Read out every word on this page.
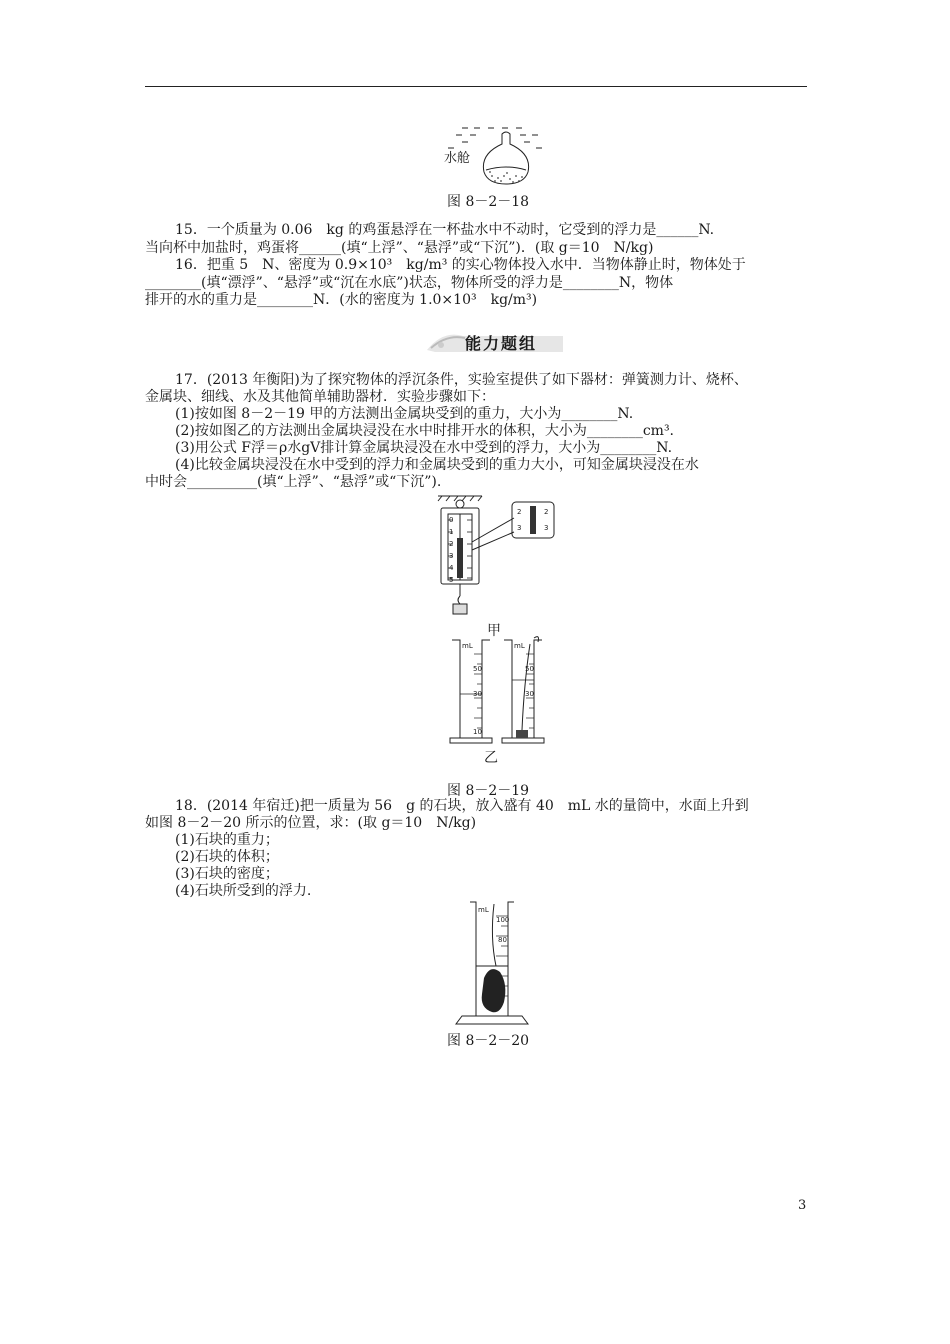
水舱
图 8－2－18
15．一个质量为 0.06　kg 的鸡蛋悬浮在一杯盐水中不动时，它受到的浮力是______N.
当向杯中加盐时，鸡蛋将______(填“上浮”、“悬浮”或“下沉”)．(取 g＝10　N/kg)
16．把重 5　N、密度为 0.9×10³　kg/m³ 的实心物体投入水中．当物体静止时，物体处于
________(填“漂浮”、“悬浮”或“沉在水底”)状态，物体所受的浮力是________N，物体
排开的水的重力是________N．(水的密度为 1.0×10³　kg/m³)
能力题组
17．(2013 年衡阳)为了探究物体的浮沉条件，实验室提供了如下器材：弹簧测力计、烧杯、
金属块、细线、水及其他简单辅助器材．实验步骤如下：
(1)按如图 8－2－19 甲的方法测出金属块受到的重力，大小为________N.
(2)按如图乙的方法测出金属块浸没在水中时排开水的体积，大小为________cm³.
(3)用公式 F浮＝ρ水gV排计算金属块浸没在水中受到的浮力，大小为________N.
(4)比较金属块浸没在水中受到的浮力和金属块受到的重力大小，可知金属块浸没在水
中时会__________(填“上浮”、“悬浮”或“下沉”).
0
1
2
3
4
5
2
3
2
3
甲
mL
50
30
10
mL
50
30
乙
图 8－2－19
18．(2014 年宿迁)把一质量为 56　g 的石块，放入盛有 40　mL 水的量筒中，水面上升到
如图 8－2－20 所示的位置，求：(取 g＝10　N/kg)
(1)石块的重力；
(2)石块的体积；
(3)石块的密度；
(4)石块所受到的浮力.
mL
100
80
图 8－2－20
3
